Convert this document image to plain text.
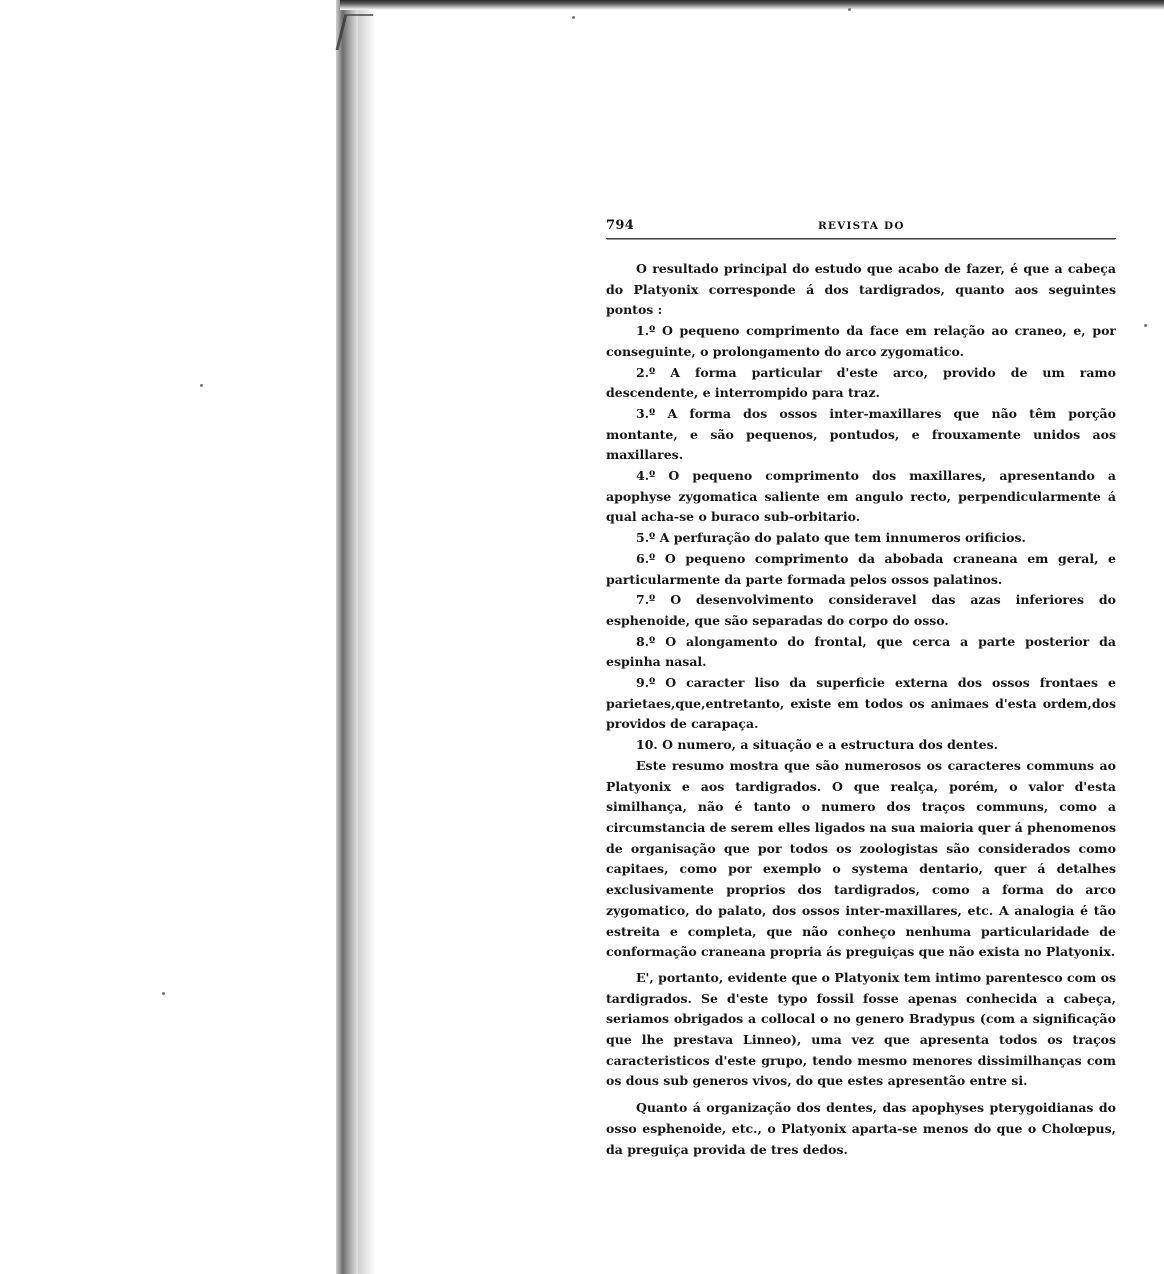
794	REVISTA DO

O resultado principal do estudo que acabo de fazer, é que a cabeça do Platyonix corresponde á dos tardigrados, quanto aos seguintes pontos :

1.º O pequeno comprimento da face em relação ao craneo, e, por conseguinte, o prolongamento do arco zygomatico.

2.º A forma particular d'este arco, provido de um ramo descendente, e interrompido para traz.

3.º A forma dos ossos inter-maxillares que não têm porção montante, e são pequenos, pontudos, e frouxamente unidos aos maxillares.

4.º O pequeno comprimento dos maxillares, apresentando a apophyse zygomatica saliente em angulo recto, perpendicularmente á qual acha-se o buraco sub-orbitario.

5.º A perfuração do palato que tem innumeros orificios.

6.º O pequeno comprimento da abobada craneana em geral, e particularmente da parte formada pelos ossos palatinos.

7.º O desenvolvimento consideravel das azas inferiores do esphenoide, que são separadas do corpo do osso.

8.º O alongamento do frontal, que cerca a parte posterior da espinha nasal.

9.º O caracter liso da superficie externa dos ossos frontaes e parietaes,que,entretanto, existe em todos os animaes d'esta ordem,dos providos de carapaça.

10. O numero, a situação e a estructura dos dentes.

Este resumo mostra que são numerosos os caracteres communs ao Platyonix e aos tardigrados. O que realça, porém, o valor d'esta similhança, não é tanto o numero dos traços communs, como a circumstancia de serem elles ligados na sua maioria quer á phenomenos de organisação que por todos os zoologistas são considerados como capitaes, como por exemplo o systema dentario, quer á detalhes exclusivamente proprios dos tardigrados, como a forma do arco zygomatico, do palato, dos ossos inter-maxillares, etc. A analogia é tão estreita e completa, que não conheço nenhuma particularidade de conformação craneana propria ás preguiças que não exista no Platyonix.

E', portanto, evidente que o Platyonix tem intimo parentesco com os tardigrados. Se d'este typo fossil fosse apenas conhecida a cabeça, seriamos obrigados a collocal o no genero Bradypus (com a significação que lhe prestava Linneo), uma vez que apresenta todos os traços caracteristicos d'este grupo, tendo mesmo menores dissimilhanças com os dous sub generos vivos, do que estes apresentão entre si.

Quanto á organização dos dentes, das apophyses pterygoidianas do osso esphenoide, etc., o Platyonix aparta-se menos do que o Cholœpus, da preguiça provida de tres dedos.
